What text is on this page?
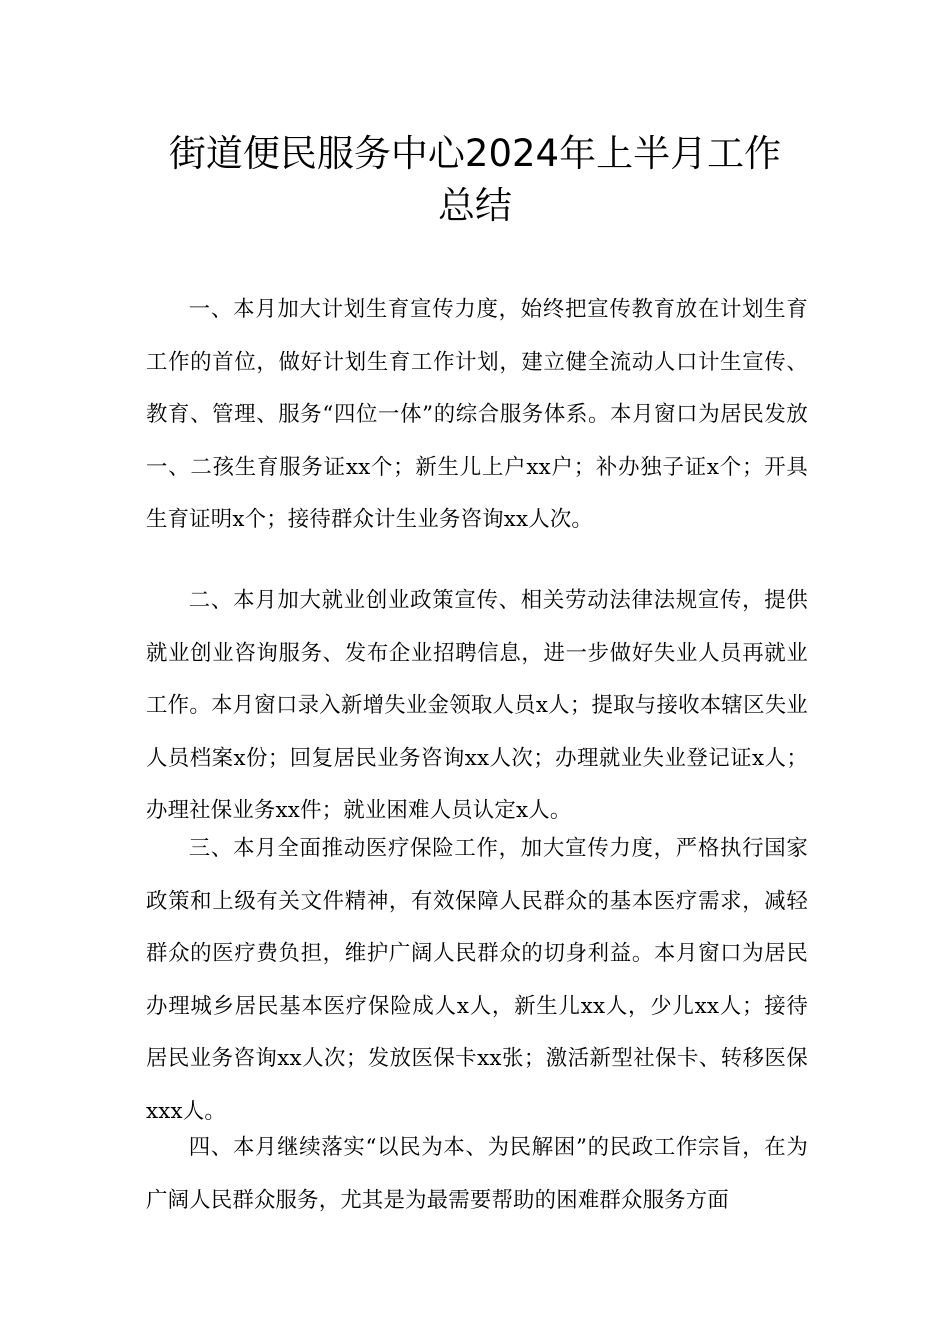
街道便民服务中心2024年上半月工作
总结

一、本月加大计划生育宣传力度，始终把宣传教育放在计划生育工作的首位，做好计划生育工作计划，建立健全流动人口计生宣传、教育、管理、服务“四位一体”的综合服务体系。本月窗口为居民发放一、二孩生育服务证xx个；新生儿上户xx户；补办独子证x个；开具生育证明x个；接待群众计生业务咨询xx人次。

二、本月加大就业创业政策宣传、相关劳动法律法规宣传，提供就业创业咨询服务、发布企业招聘信息，进一步做好失业人员再就业工作。本月窗口录入新增失业金领取人员x人；提取与接收本辖区失业人员档案x份；回复居民业务咨询xx人次；办理就业失业登记证x人；办理社保业务xx件；就业困难人员认定x人。

三、本月全面推动医疗保险工作，加大宣传力度，严格执行国家政策和上级有关文件精神，有效保障人民群众的基本医疗需求，减轻群众的医疗费负担，维护广阔人民群众的切身利益。本月窗口为居民办理城乡居民基本医疗保险成人x人，新生儿xx人，少儿xx人；接待居民业务咨询xx人次；发放医保卡xx张；激活新型社保卡、转移医保xxx人。

四、本月继续落实“以民为本、为民解困”的民政工作宗旨，在为广阔人民群众服务，尤其是为最需要帮助的困难群众服务方面
